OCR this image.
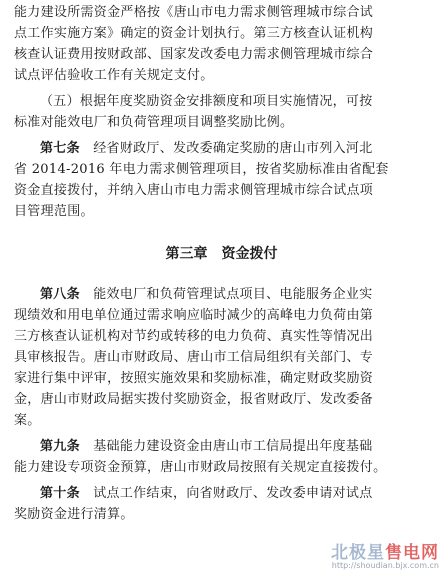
能力建设所需资金严格按《唐山市电力需求侧管理城市综合试
点工作实施方案》确定的资金计划执行。第三方核查认证机构
核查认证费用按财政部、国家发改委电力需求侧管理城市综合
试点评估验收工作有关规定支付。
（五）根据年度奖励资金安排额度和项目实施情况，可按
标准对能效电厂和负荷管理项目调整奖励比例。
第七条　 经省财政厅、发改委确定奖励的唐山市列入河北
省 2014-2016 年电力需求侧管理项目，按省奖励标准由省配套
资金直接拨付，并纳入唐山市电力需求侧管理城市综合试点项
目管理范围。
第三章　资金拨付
第八条　 能效电厂和负荷管理试点项目、电能服务企业实
现绩效和用电单位通过需求响应临时减少的高峰电力负荷由第
三方核查认证机构对节约或转移的电力负荷、真实性等情况出
具审核报告。唐山市财政局、唐山市工信局组织有关部门、专
家进行集中评审，按照实施效果和奖励标准，确定财政奖励资
金，唐山市财政局据实拨付奖励资金，报省财政厅、发改委备
案。
第九条　 基础能力建设资金由唐山市工信局提出年度基础
能力建设专项资金预算，唐山市财政局按照有关规定直接拨付。
第十条　 试点工作结束，向省财政厅、发改委申请对试点
奖励资金进行清算。
北极星售电网
http://shoudian.bjx.com.cn
